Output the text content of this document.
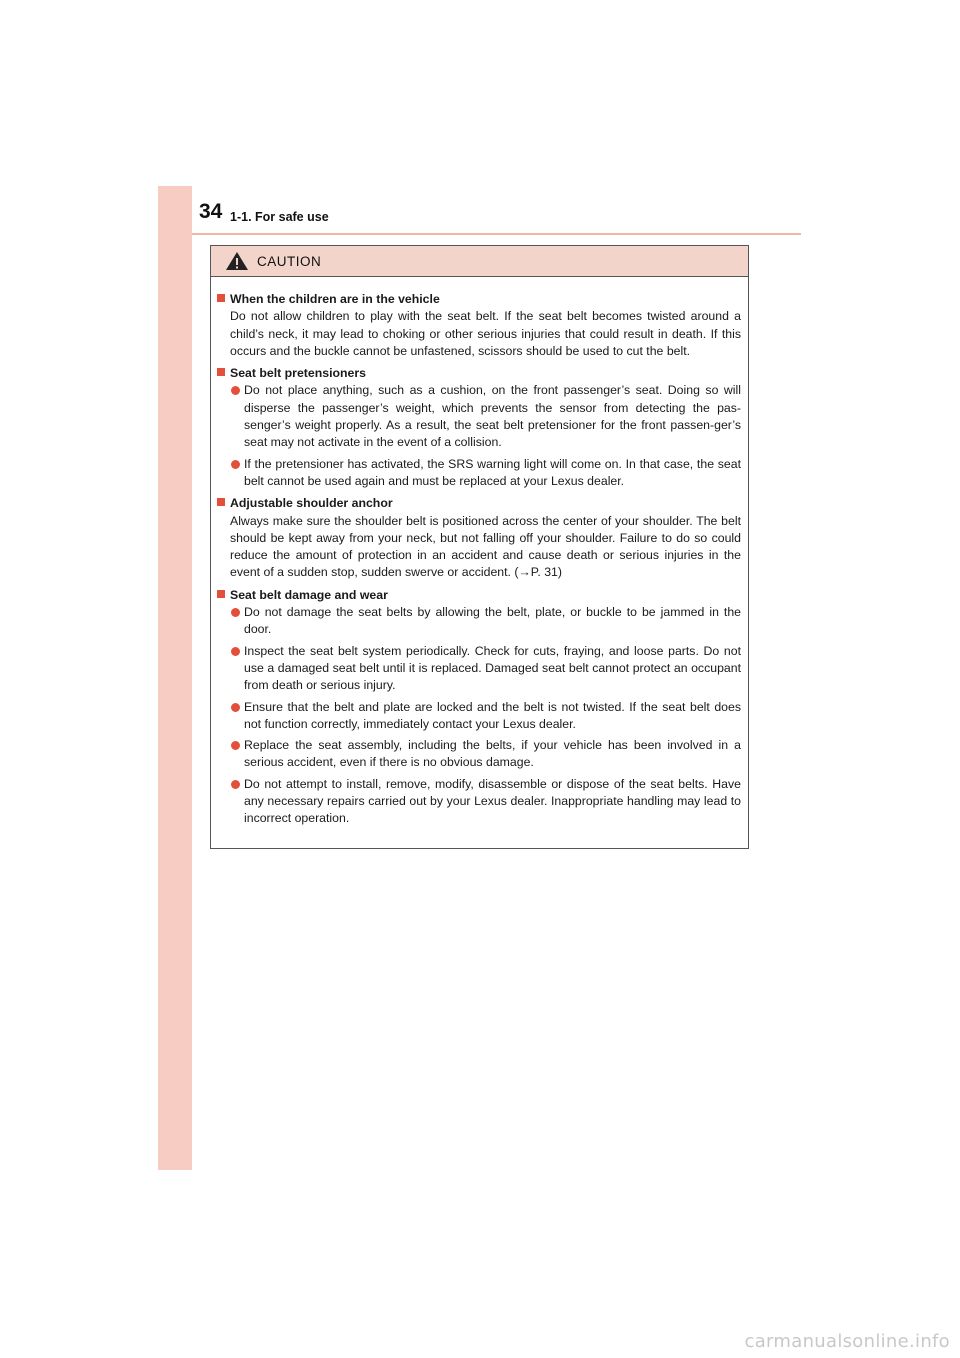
34 1-1. For safe use
CAUTION
When the children are in the vehicle
Do not allow children to play with the seat belt. If the seat belt becomes twisted around a child’s neck, it may lead to choking or other serious injuries that could result in death. If this occurs and the buckle cannot be unfastened, scissors should be used to cut the belt.
Seat belt pretensioners
Do not place anything, such as a cushion, on the front passenger’s seat. Doing so will disperse the passenger’s weight, which prevents the sensor from detecting the pas-senger’s weight properly. As a result, the seat belt pretensioner for the front passen-ger’s seat may not activate in the event of a collision.
If the pretensioner has activated, the SRS warning light will come on. In that case, the seat belt cannot be used again and must be replaced at your Lexus dealer.
Adjustable shoulder anchor
Always make sure the shoulder belt is positioned across the center of your shoulder. The belt should be kept away from your neck, but not falling off your shoulder. Failure to do so could reduce the amount of protection in an accident and cause death or serious injuries in the event of a sudden stop, sudden swerve or accident. (→P. 31)
Seat belt damage and wear
Do not damage the seat belts by allowing the belt, plate, or buckle to be jammed in the door.
Inspect the seat belt system periodically. Check for cuts, fraying, and loose parts. Do not use a damaged seat belt until it is replaced. Damaged seat belt cannot protect an occupant from death or serious injury.
Ensure that the belt and plate are locked and the belt is not twisted. If the seat belt does not function correctly, immediately contact your Lexus dealer.
Replace the seat assembly, including the belts, if your vehicle has been involved in a serious accident, even if there is no obvious damage.
Do not attempt to install, remove, modify, disassemble or dispose of the seat belts. Have any necessary repairs carried out by your Lexus dealer. Inappropriate handling may lead to incorrect operation.
carmanualsonline.info
